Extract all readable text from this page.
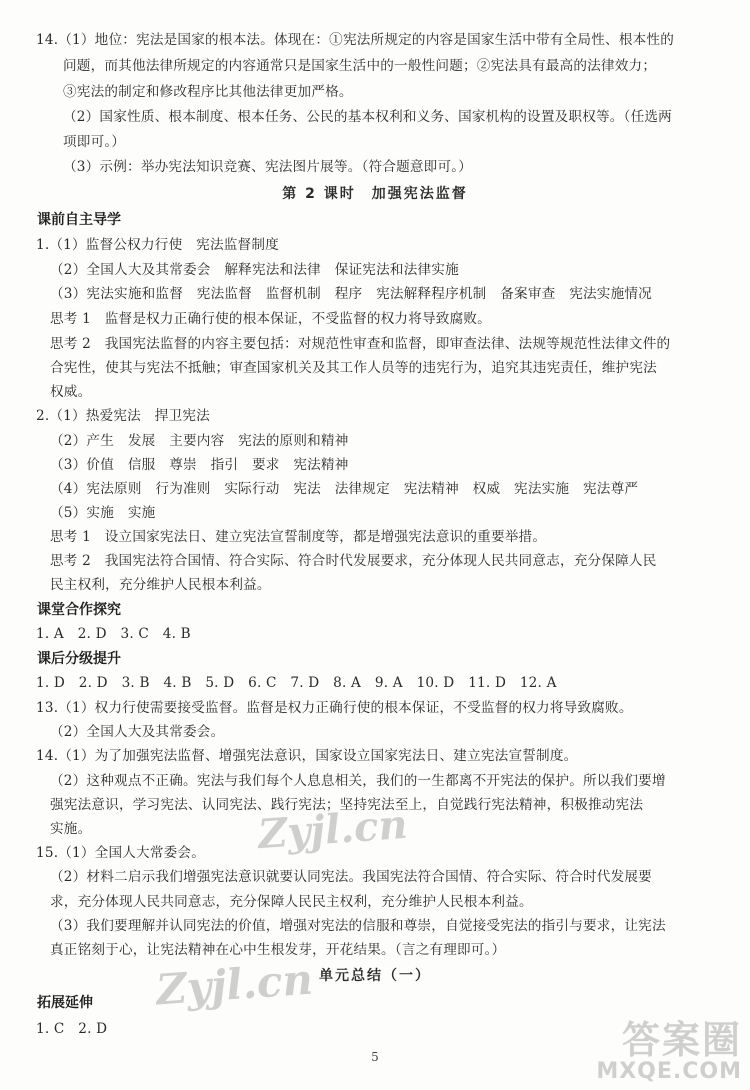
14.（1）地位：宪法是国家的根本法。体现在：①宪法所规定的内容是国家生活中带有全局性、根本性的
问题，而其他法律所规定的内容通常只是国家生活中的一般性问题；②宪法具有最高的法律效力；
③宪法的制定和修改程序比其他法律更加严格。
（2）国家性质、根本制度、根本任务、公民的基本权利和义务、国家机构的设置及职权等。（任选两
项即可。）
（3）示例：举办宪法知识竞赛、宪法图片展等。（符合题意即可。）
第 2 课时　加强宪法监督
课前自主导学
1.（1）监督公权力行使　宪法监督制度
（2）全国人大及其常委会　解释宪法和法律　保证宪法和法律实施
（3）宪法实施和监督　宪法监督　监督机制　程序　宪法解释程序机制　备案审查　宪法实施情况
思考 1　监督是权力正确行使的根本保证，不受监督的权力将导致腐败。
思考 2　我国宪法监督的内容主要包括：对规范性审查和监督，即审查法律、法规等规范性法律文件的
合宪性，使其与宪法不抵触；审查国家机关及其工作人员等的违宪行为，追究其违宪责任，维护宪法
权威。
2.（1）热爱宪法　捍卫宪法
（2）产生　发展　主要内容　宪法的原则和精神
（3）价值　信服　尊崇　指引　要求　宪法精神
（4）宪法原则　行为准则　实际行动　宪法　法律规定　宪法精神　权威　宪法实施　宪法尊严
（5）实施　实施
思考 1　设立国家宪法日、建立宪法宣誓制度等，都是增强宪法意识的重要举措。
思考 2　我国宪法符合国情、符合实际、符合时代发展要求，充分体现人民共同意志，充分保障人民
民主权利，充分维护人民根本利益。
课堂合作探究
1. A　2. D　3. C　4. B
课后分级提升
1. D　2. D　3. B　4. B　5. D　6. C　7. D　8. A　9. A　10. D　11. D　12. A
13.（1）权力行使需要接受监督。监督是权力正确行使的根本保证，不受监督的权力将导致腐败。
（2）全国人大及其常委会。
14.（1）为了加强宪法监督、增强宪法意识，国家设立国家宪法日、建立宪法宣誓制度。
（2）这种观点不正确。宪法与我们每个人息息相关，我们的一生都离不开宪法的保护。所以我们要增
强宪法意识，学习宪法、认同宪法、践行宪法；坚持宪法至上，自觉践行宪法精神，积极推动宪法
实施。
15.（1）全国人大常委会。
（2）材料二启示我们增强宪法意识就要认同宪法。我国宪法符合国情、符合实际、符合时代发展要
求，充分体现人民共同意志，充分保障人民民主权利，充分维护人民根本利益。
（3）我们要理解并认同宪法的价值，增强对宪法的信服和尊崇，自觉接受宪法的指引与要求，让宪法
真正铭刻于心，让宪法精神在心中生根发芽，开花结果。（言之有理即可。）
单元总结（一）
拓展延伸
1. C　2. D
5
Zyjl.cn
Zyjl.cn
答案圈
MXQE.COM
